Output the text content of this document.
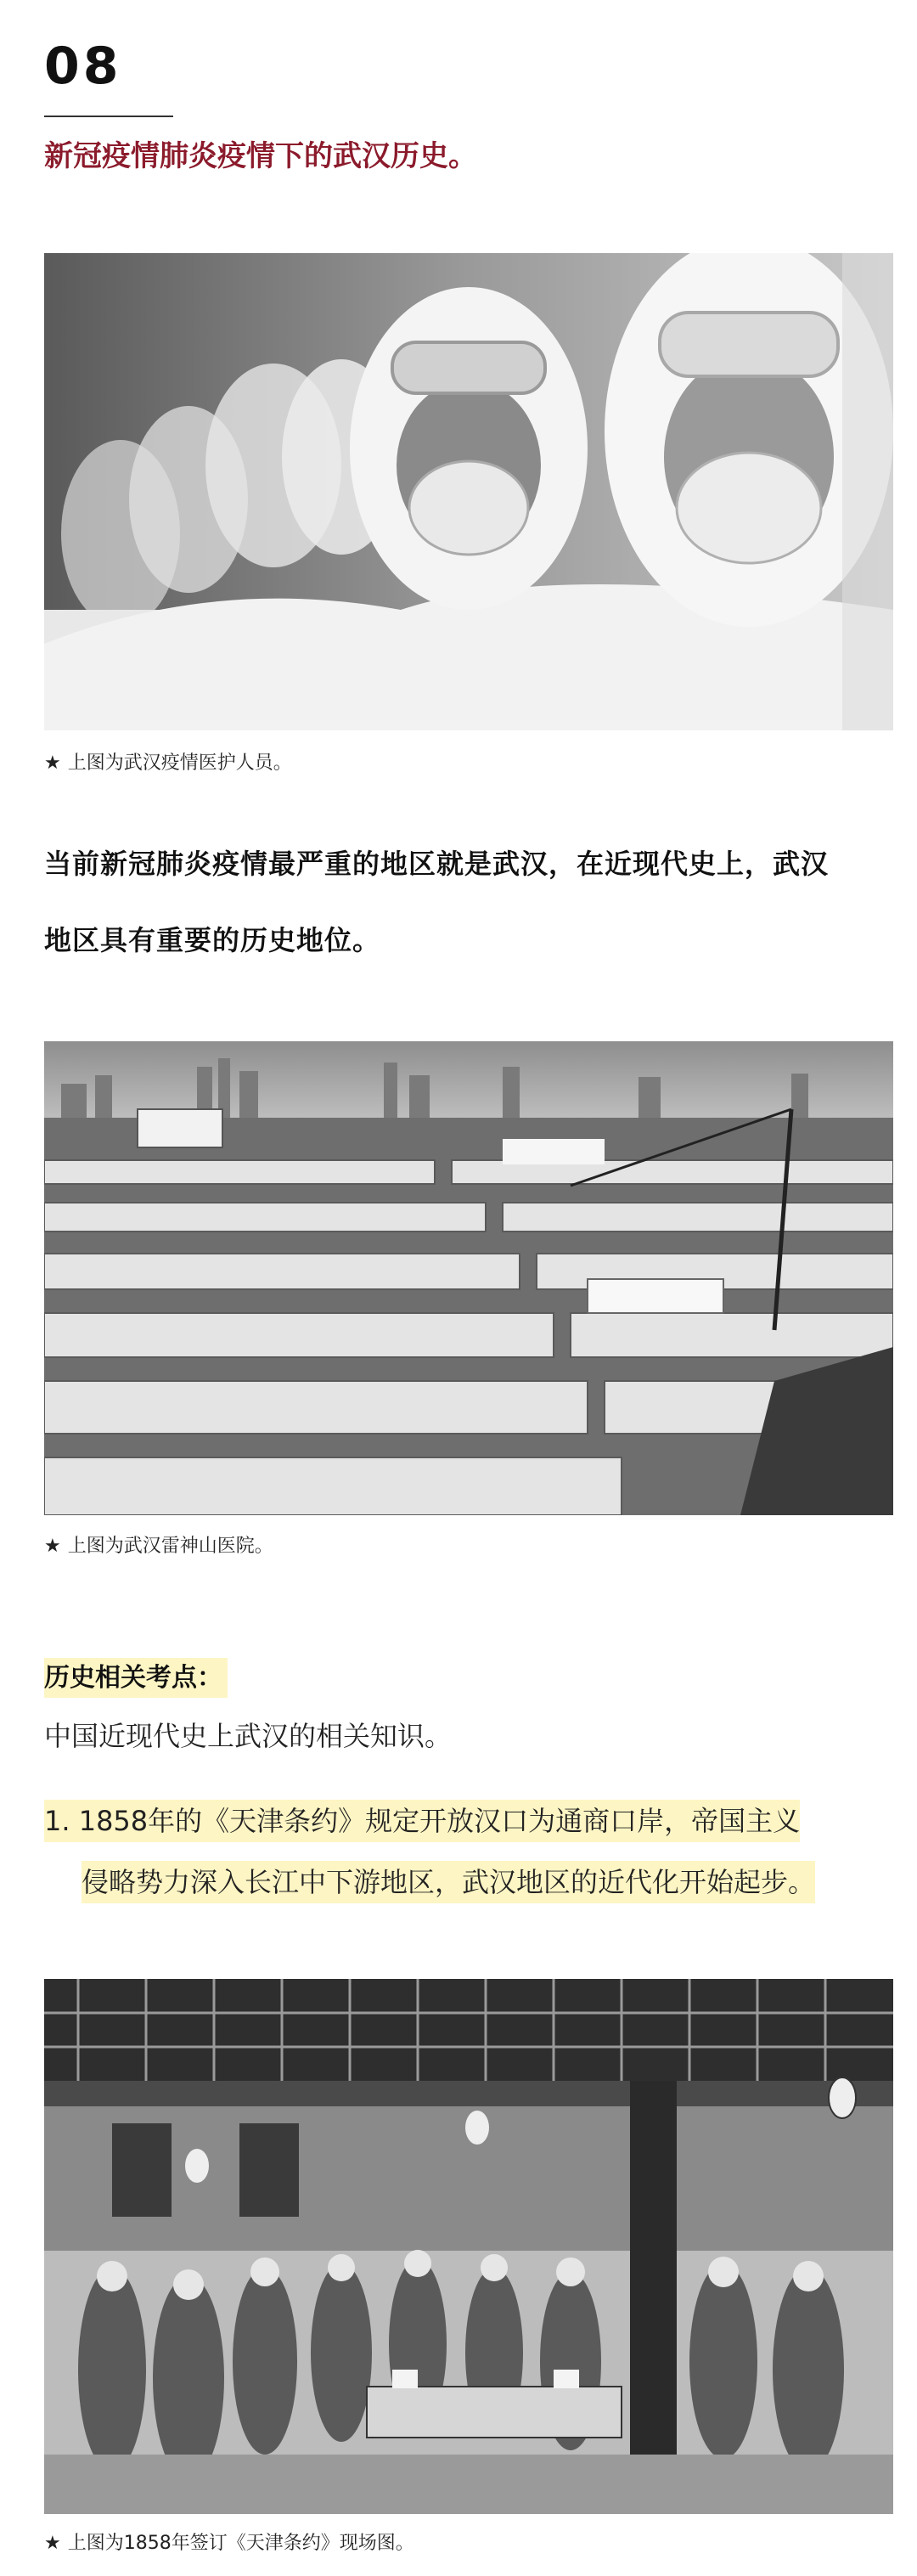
08
新冠疫情肺炎疫情下的武汉历史。
★ 上图为武汉疫情医护人员。
当前新冠肺炎疫情最严重的地区就是武汉，在近现代史上，武汉
地区具有重要的历史地位。
★ 上图为武汉雷神山医院。
历史相关考点：
中国近现代史上武汉的相关知识。
1. 1858年的《天津条约》规定开放汉口为通商口岸，帝国主义
侵略势力深入长江中下游地区，武汉地区的近代化开始起步。
★ 上图为1858年签订《天津条约》现场图。
